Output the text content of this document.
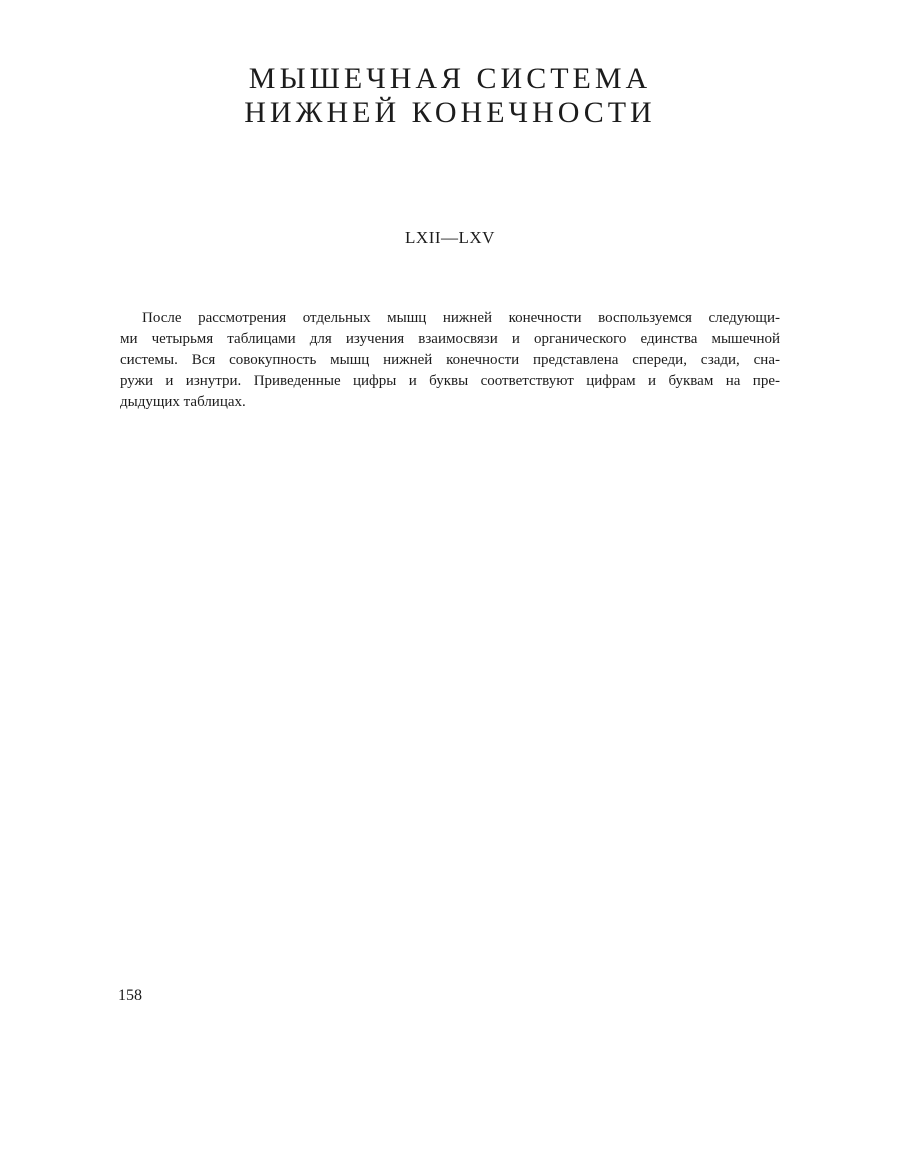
МЫШЕЧНАЯ СИСТЕМА
НИЖНЕЙ КОНЕЧНОСТИ
LXII—LXV
После рассмотрения отдельных мышц нижней конечности воспользуемся следующи-
ми четырьмя таблицами для изучения взаимосвязи и органического единства мышечной
системы. Вся совокупность мышц нижней конечности представлена спереди, сзади, сна-
ружи и изнутри. Приведенные цифры и буквы соответствуют цифрам и буквам на пре-
дыдущих таблицах.
158
